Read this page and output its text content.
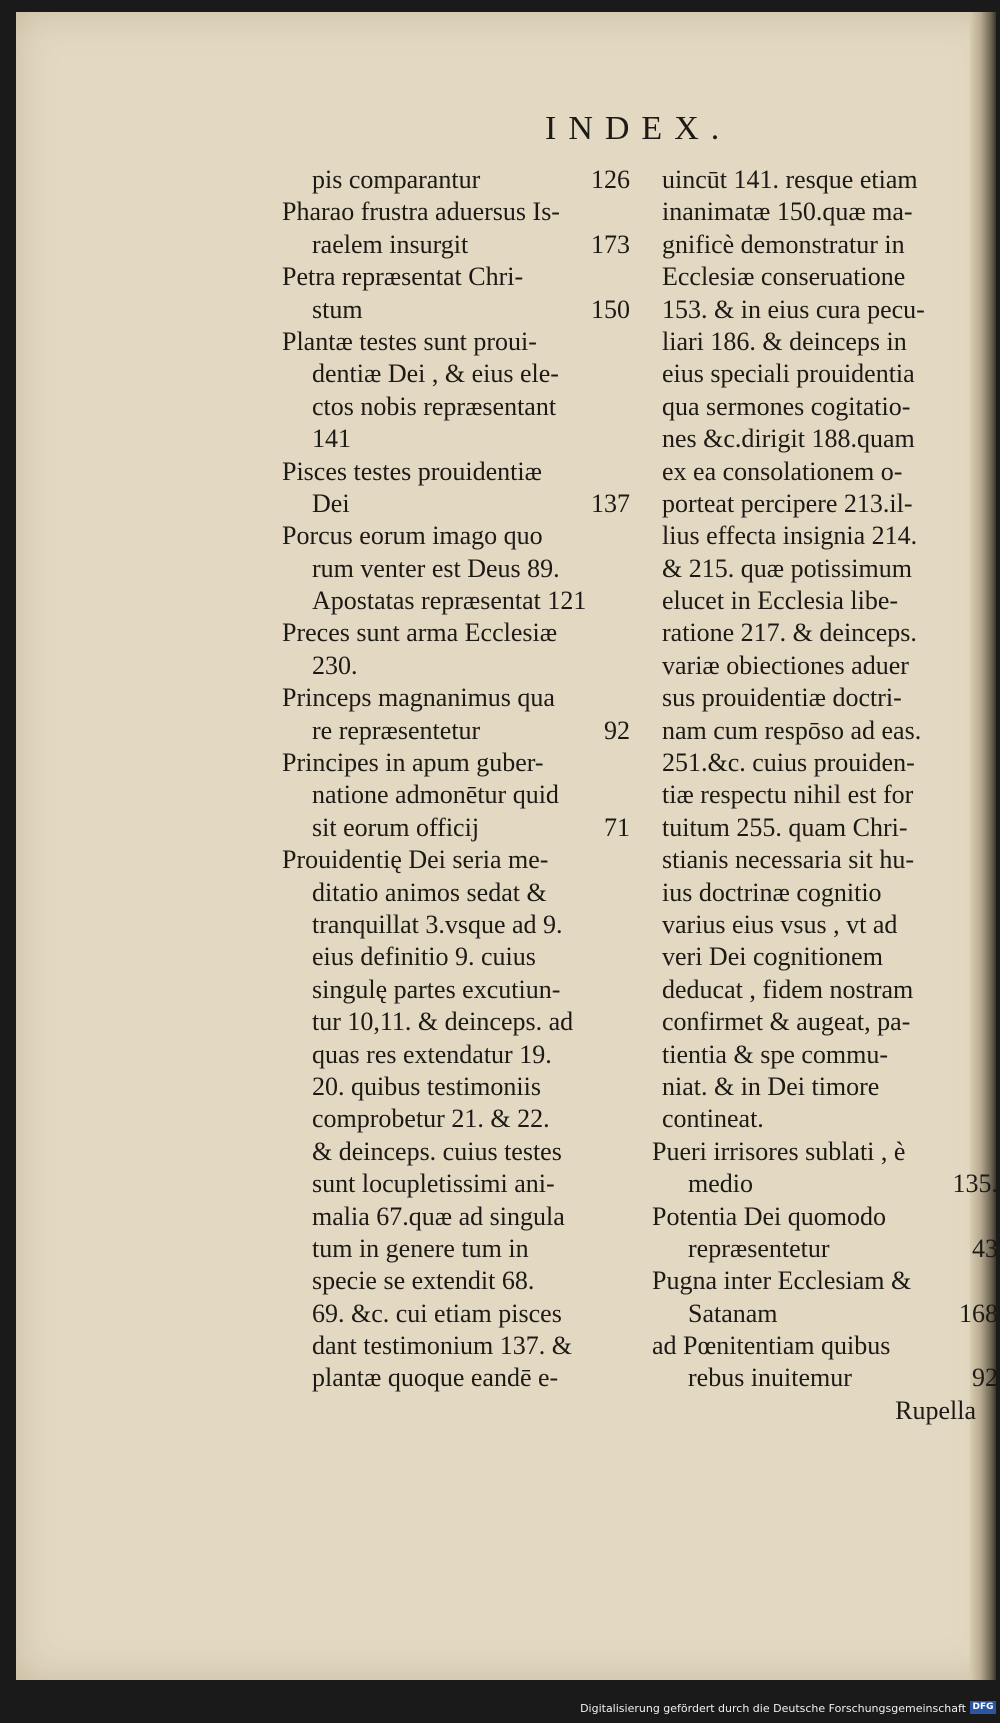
INDEX.
pis comparantur	126
Pharao frustra aduersus Is-
raelem insurgit	173
Petra repræsentat Chri-
stum	150
Plantæ testes sunt proui-
dentiæ Dei , & eius ele-
ctos nobis repræsentant
141
Pisces testes prouidentiæ
Dei	137
Porcus eorum imago quo
rum venter est Deus 89.
Apostatas repræsentat 121
Preces sunt arma Ecclesiæ
230.
Princeps magnanimus qua
re repræsentetur	92
Principes in apum guber-
natione admonētur quid
sit eorum officij	71
Prouidentię Dei seria me-
ditatio animos sedat &
tranquillat 3.vsque ad 9.
eius definitio 9. cuius
singulę partes excutiun-
tur 10,11. & deinceps. ad
quas res extendatur 19.
20. quibus testimoniis
comprobetur 21. & 22.
& deinceps. cuius testes
sunt locupletissimi ani-
malia 67.quæ ad singula
tum in genere tum in
specie se extendit 68.
69. &c. cui etiam pisces
dant testimonium 137. &
plantæ quoque eandē e-
uincūt 141. resque etiam
inanimatæ 150.quæ ma-
gnificè demonstratur in
Ecclesiæ conseruatione
153. & in eius cura pecu-
liari 186. & deinceps in
eius speciali prouidentia
qua sermones cogitatio-
nes &c.dirigit 188.quam
ex ea consolationem o-
porteat percipere 213.il-
lius effecta insignia 214.
& 215. quæ potissimum
elucet in Ecclesia libe-
ratione 217. & deinceps.
variæ obiectiones aduer
sus prouidentiæ doctri-
nam cum respōso ad eas.
251.&c. cuius prouiden-
tiæ respectu nihil est for
tuitum 255. quam Chri-
stianis necessaria sit hu-
ius doctrinæ cognitio
varius eius vsus , vt ad
veri Dei cognitionem
deducat , fidem nostram
confirmet & augeat, pa-
tientia & spe commu-
niat. & in Dei timore
contineat.
Pueri irrisores sublati , è
medio	135.
Potentia Dei quomodo
repræsentetur	43
Pugna inter Ecclesiam &
Satanam	168
ad Pœnitentiam quibus
rebus inuitemur	92
Rupella
Digitalisierung gefördert durch die Deutsche Forschungsgemeinschaft DFG
